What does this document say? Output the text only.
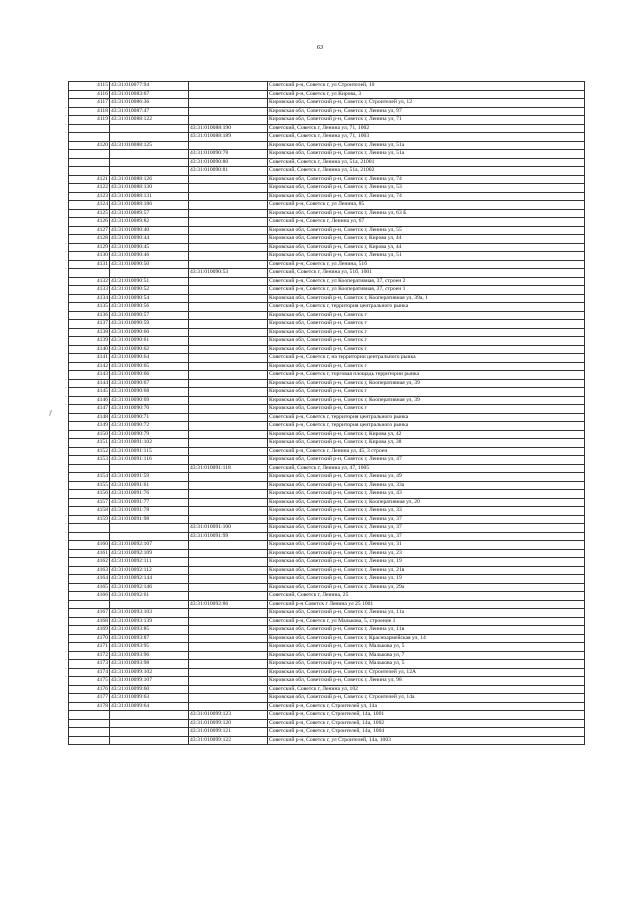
63
4115	43:31:010077:94		Советский р-н, Советск г, ул Строителей, 10
4116	43:31:010083:67		Советский р-н, Советск г, ул Кирова, 3
4117	43:31:010086:36		Кировская обл, Советский р-н, Советск г, Строителей ул, 12
4118	43:31:010087:47		Кировская обл, Советский р-н, Советск г, Ленина ул, 97
4119	43:31:010088:122		Кировская обл, Советский р-н, Советск г, Ленина ул, 71
		43:31:010088:190	Советский, Советск г, Ленина ул, 71, 1002
		43:31:010088:189	Советский, Советск г, Ленина ул, 71, 1003
4120	43:31:010088:125		Кировская обл, Советский р-н, Советск г, Ленина ул, 51а
		43:31:010090:78	Кировская обл, Советский р-н, Советск г, Ленина ул, 51а
		43:31:010090:80	Советский, Советск г, Ленина ул, 51а, 21001
		43:31:010090:81	Советский, Советск г, Ленина ул, 51а, 21002
4121	43:31:010088:126		Кировская обл, Советский р-н, Советск г, Ленина ул, 74
4122	43:31:010088:130		Кировская обл, Советский р-н, Советск г, Ленина ул, 53
4123	43:31:010088:131		Кировская обл, Советский р-н, Советск г, Ленина ул, 74
4124	43:31:010088:186		Советский р-н, Советск г, ул Ленина, 85
4125	43:31:010089:57		Кировская обл, Советский р-н, Советск г, Ленина ул, 63 Б
4126	43:31:010089:82		Советский р-н, Советск г, Ленина ул, 67
4127	43:31:010090:40		Кировская обл, Советский р-н, Советск г, Ленина ул, 55
4128	43:31:010090:44		Кировская обл, Советский р-н, Советск г, Кирова ул, 44
4129	43:31:010090:45		Кировская обл, Советский р-н, Советск г, Кирова ул, 44
4130	43:31:010090:46		Кировская обл, Советский р-н, Советск г, Ленина ул, 51
4131	43:31:010090:50		Советский р-н, Советск г, ул Ленина, 51б
		43:31:010090:53	Советский, Советск г, Ленина ул, 51б, 1001
4132	43:31:010090:51		Советский р-н, Советск г, ул Кооперативная, 37, строен 2
4133	43:31:010090:52		Советский р-н, Советск г, ул Кооперативная, 37, строен 1
4134	43:31:010090:54		Кировская обл, Советский р-н, Советск г, Кооперативная ул, 39а, 1
4135	43:31:010090:56		Советский р-н, Советск г, территория центрального рынка
4136	43:31:010090:57		Кировская обл, Советский р-н, Советск г
4137	43:31:010090:59		Кировская обл, Советский р-н, Советск г
4138	43:31:010090:60		Кировская обл, Советский р-н, Советск г
4139	43:31:010090:61		Кировская обл, Советский р-н, Советск г
4140	43:31:010090:62		Кировская обл, Советский р-н, Советск г
4141	43:31:010090:64		Советский р-н, Советск г, на территории центрального рынка
4142	43:31:010090:65		Кировская обл, Советский р-н, Советск г
4143	43:31:010090:66		Советский р-н, Советск г, торговая площадь территории рынка
4144	43:31:010090:67		Кировская обл, Советский р-н, Советск г, Кооперативная ул, 39
4145	43:31:010090:68		Кировская обл, Советский р-н, Советск г
4146	43:31:010090:69		Кировская обл, Советский р-н, Советск г, Кооперативная ул, 39
4147	43:31:010090:70		Кировская обл, Советский р-н, Советск г
4148	43:31:010090:71		Советский р-н, Советск г, территория центрального рынка
4149	43:31:010090:72		Советский р-н, Советск г, территория центрального рынка
4150	43:31:010090:79		Кировская обл, Советский р-н, Советск г, Кирова ул, 42
4151	43:31:010091:102		Кировская обл, Советский р-н, Советск г, Кирова ул, 38
4152	43:31:010091:115		Советский р-н, Советск г, Ленина ул, 45, 3 строен
4153	43:31:010091:116		Кировская обл, Советский р-н, Советск г, Ленина ул, 47
		43:31:010091:118	Советский, Советск г, Ленина ул, 47, 1005
4154	43:31:010091:59		Кировская обл, Советский р-н, Советск г, Ленина ул, 49
4155	43:31:010091:61		Кировская обл, Советский р-н, Советск г, Ленина ул, 33а
4156	43:31:010091:76		Кировская обл, Советский р-н, Советск г, Ленина ул, 43
4157	43:31:010091:77		Кировская обл, Советский р-н, Советск г, Кооперативная ул, 20
4158	43:31:010091:78		Кировская обл, Советский р-н, Советск г, Ленина ул, 33
4159	43:31:010091:98		Кировская обл, Советский р-н, Советск г, Ленина ул, 37
		43:31:010091:100	Кировская обл, Советский р-н, Советск г, Ленина ул, 37
		43:31:010091:99	Кировская обл, Советский р-н, Советск г, Ленина ул, 37
4160	43:31:010092:107		Кировская обл, Советский р-н, Советск г, Ленина ул, 31
4161	43:31:010092:109		Кировская обл, Советский р-н, Советск г, Ленина ул, 23
4162	43:31:010092:111		Кировская обл, Советский р-н, Советск г, Ленина ул, 19
4163	43:31:010092:112		Кировская обл, Советский р-н, Советск г, Ленина ул, 21в
4164	43:31:010092:144		Кировская обл, Советский р-н, Советск г, Ленина ул, 19
4165	43:31:010092:146		Кировская обл, Советский р-н, Советск г, Ленина ул, 29а
4166	43:31:010092:61		Советский, Советск г, Ленина, 25
		43:31:010092:86	Советский р-н Советск г Ленина ул 25 1001
4167	43:31:010093:103		Кировская обл, Советский р-н, Советск г, Ленина ул, 11а
4168	43:31:010093:139		Советский р-н, Советск г, ул Малькова, 5, строение 1
4169	43:31:010093:85		Кировская обл, Советский р-н, Советск г, Ленина ул, 11в
4170	43:31:010093:87		Кировская обл, Советский р-н, Советск г, Красноармейская ул, 14
4171	43:31:010093:95		Кировская обл, Советский р-н, Советск г, Малькова ул, 5
4172	43:31:010093:96		Кировская обл, Советский р-н, Советск г, Малькова ул, 7
4173	43:31:010093:98		Кировская обл, Советский р-н, Советск г, Малькова ул, 5
4174	43:31:010099:102		Кировская обл, Советский р-н, Советск г, Строителей ул, 12А
4175	43:31:010099:107		Кировская обл, Советский р-н, Советск г, Ленина ул, 98
4176	43:31:010099:60		Советский, Советск г, Ленина ул, 102
4177	43:31:010099:63		Кировская обл, Советский р-н, Советск г, Строителей ул, 14а
4178	43:31:010099:64		Советский р-н, Советск г, Строителей ул, 14а
		43:31:010099:123	Советский р-н, Советск г, Строителей, 14а, 1001
		43:31:010099:120	Советский р-н, Советск г, Строителей, 14а, 1002
		43:31:010099:121	Советский р-н, Советск г, Строителей, 14а, 1004
		43:31:010099:122	Советский р-н, Советск г, ул Строителей, 14а, 1003
